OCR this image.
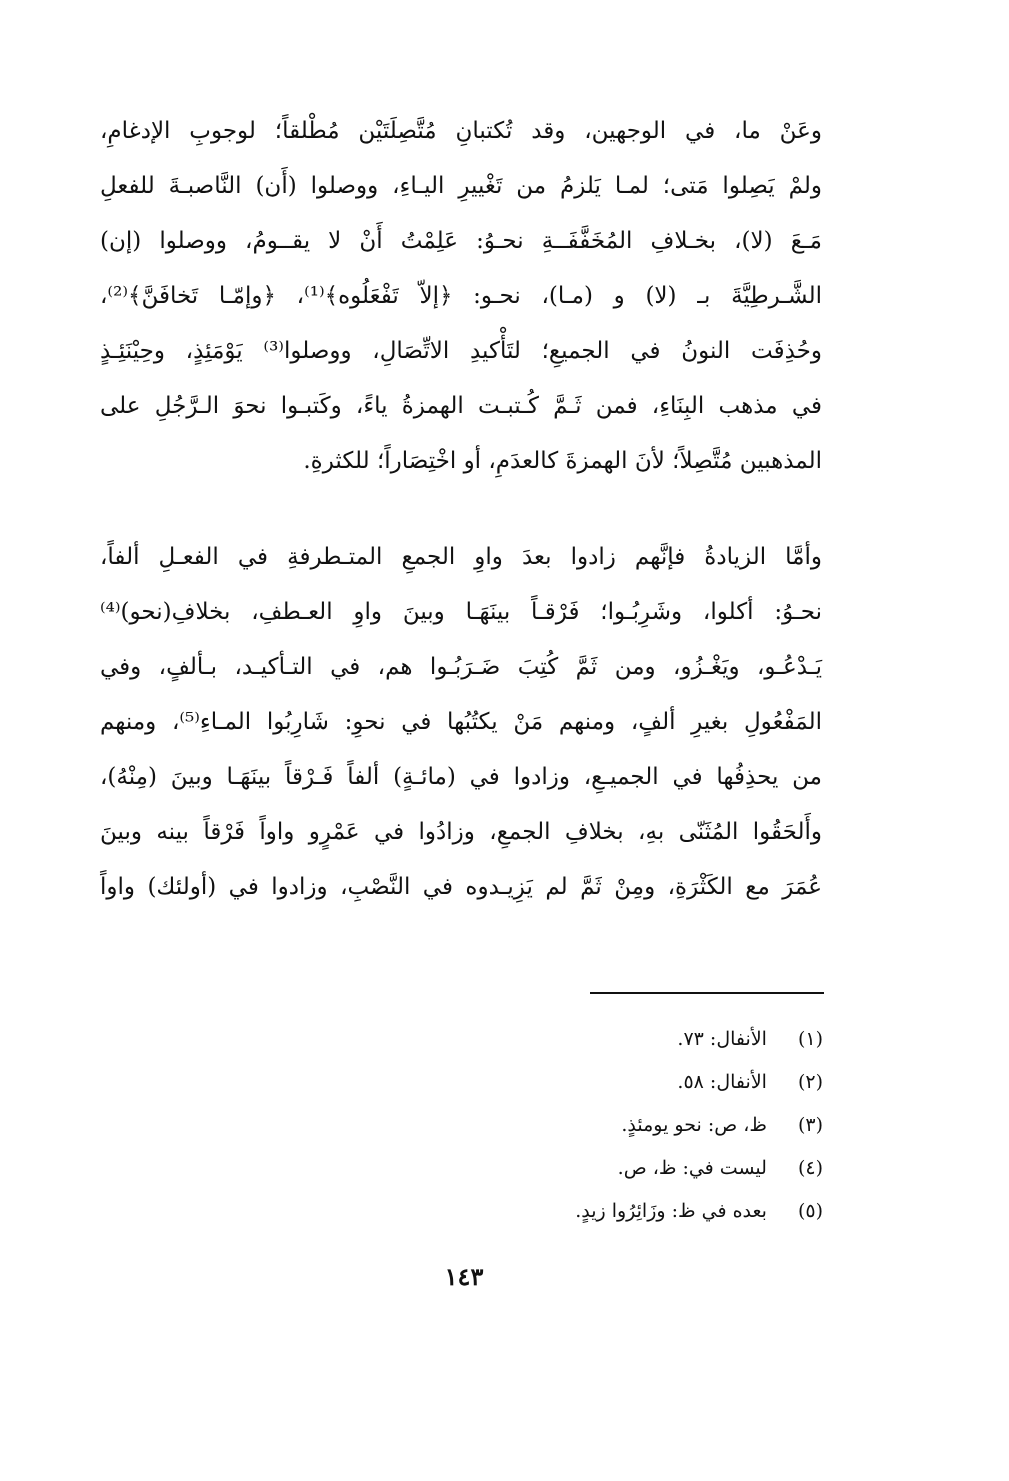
وعَنْ ما، في الوجهين، وقد تُكتبانِ مُتَّصِلَتَيْن مُطْلقاً؛ لوجوبِ الإدغامِ،
ولمْ يَصِلوا مَتى؛ لمـا يَلزمُ من تَغْييرِ اليـاءِ، ووصلوا (أَن) النَّاصبـةَ للفعلِ
مَـعَ (لا)، بخـلافِ المُخَفَّفَــةِ نحـوُ: عَلِمْتُ أَنْ لا يقــومُ، ووصلوا (إن)
الشَّـرطِيَّةَ بـ (لا) و (مـا)، نحـو: ﴿إلاّ تَفْعَلُوه﴾⁽¹⁾، ﴿وإمّـا تَخافَنَّ﴾⁽²⁾،
وحُذِفَت النونُ في الجميعِ؛ لتَأْكيدِ الاتِّصَالِ، ووصلوا⁽³⁾ يَوْمَئِذٍ، وحِيْنَئِـذٍ
في مذهب البِنَاءِ، فمن ثَـمَّ كُـتبـت الهمزةُ ياءً، وكَتبـوا نحوَ الـرَّجُلِ على
المذهبين مُتَّصِلاً؛ لأنَ الهمزةَ كالعدَمِ، أو اخْتِصَاراً؛ للكثرةِ.
وأمَّا الزيادةُ فإنَّهم زادوا بعدَ واوِ الجمعِ المتـطرفةِ في الفعـلِ ألفاً،
نحـوُ: أكلوا، وشَرِبُـوا؛ فَرْقـاً بينَهَـا وبينَ واوِ العـطفِ، بخلافِ(نحو)⁽⁴⁾
يَـدْعُـو، ويَغْـزُو، ومن ثَمَّ كُتِبَ ضَـرَبُـوا هم، في التـأكيـد، بـألفٍ، وفي
المَفْعُولِ بغيرِ ألفٍ، ومنهم مَنْ يكتُبُها في نحوِ: شَارِبُوا المـاءِ⁽⁵⁾، ومنهم
من يحذِفُها في الجميـعِ، وزادوا في (مائـةٍ) ألفاً فَـرْقاً بينَهَـا وبينَ (مِنْهُ)،
وأَلحَقُوا المُثَنّى بهِ، بخلافِ الجمعِ، وزادُوا في عَمْرٍو واواً فَرْقاً بينه وبينَ
عُمَرَ مع الكَثْرَةِ، ومِنْ ثَمَّ لم يَزِيـدوه في النَّصْبِ، وزادوا في (أولئك) واواً
(١) الأنفال: ٧٣.
(٢) الأنفال: ٥٨.
(٣) ظ، ص: نحو يومئذٍ.
(٤) ليست في: ظ، ص.
(٥) بعده في ظ: وزَائِرُوا زيدٍ.
١٤٣
